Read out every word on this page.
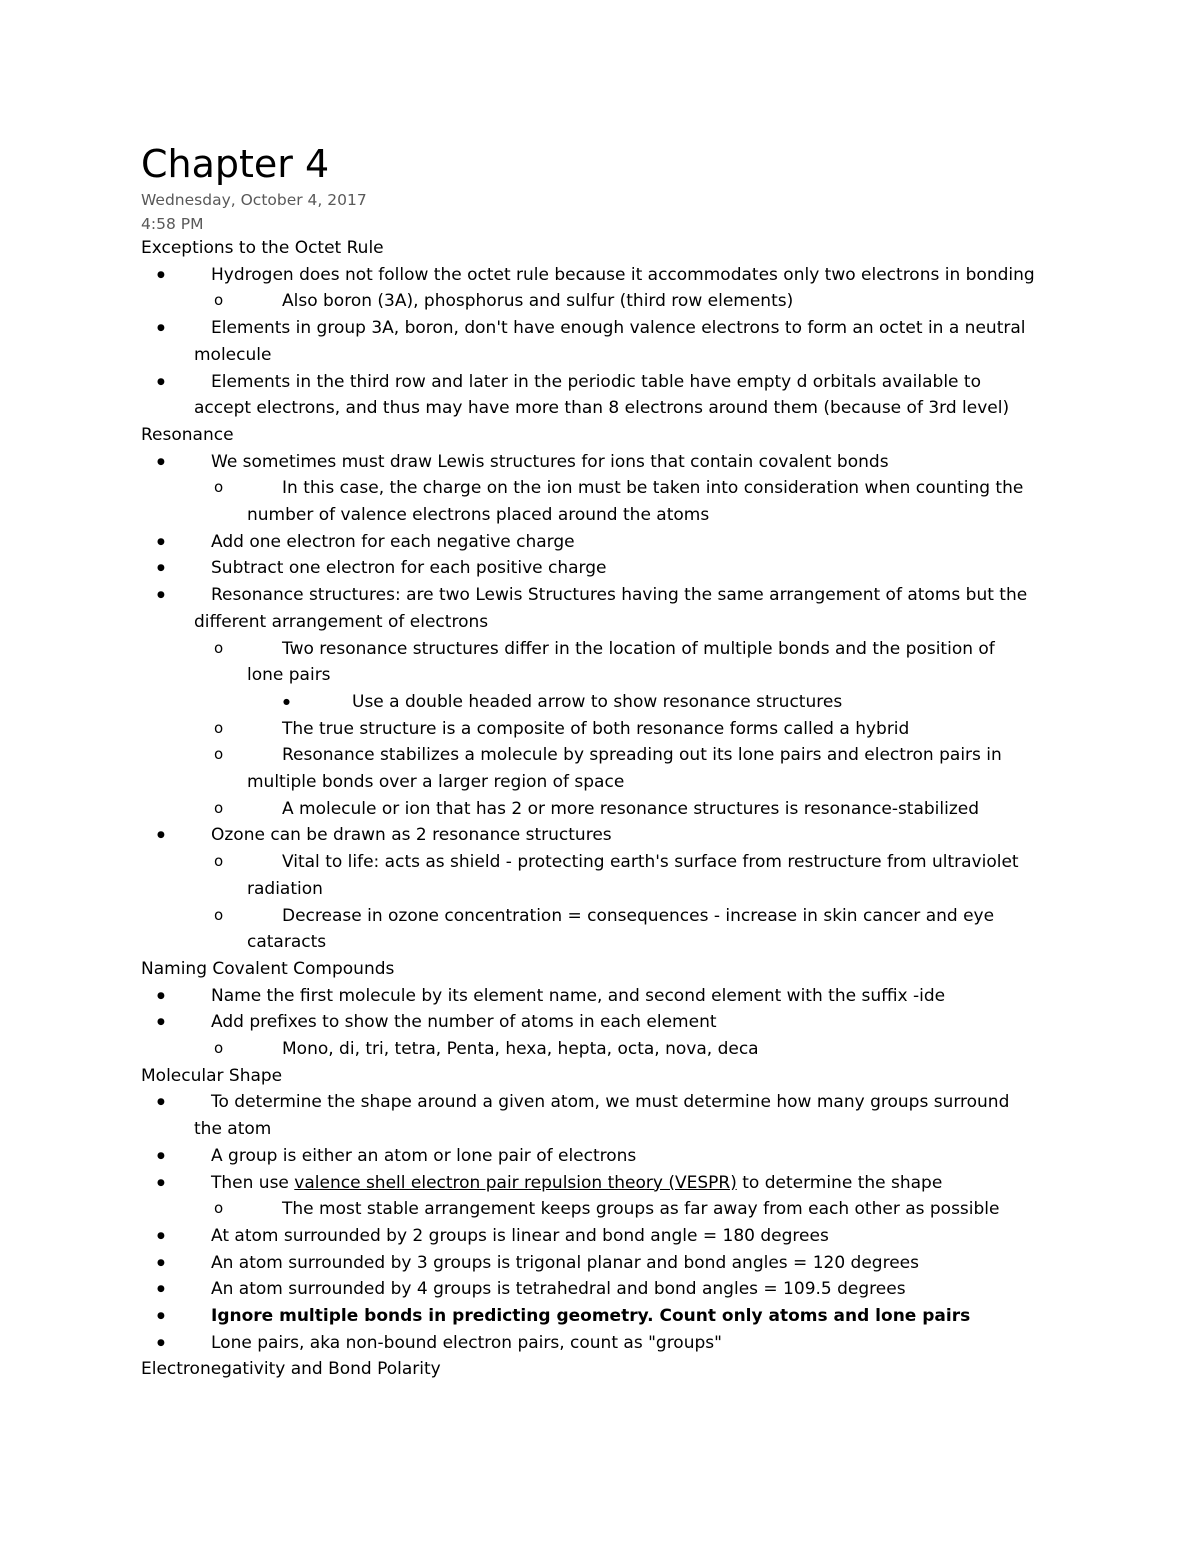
Chapter 4
Wednesday, October 4, 2017
4:58 PM
Exceptions to the Octet Rule
●	Hydrogen does not follow the octet rule because it accommodates only two electrons in bonding
o	Also boron (3A), phosphorus and sulfur (third row elements)
●	Elements in group 3A, boron, don't have enough valence electrons to form an octet in a neutral
molecule
●	Elements in the third row and later in the periodic table have empty d orbitals available to
accept electrons, and thus may have more than 8 electrons around them (because of 3rd level)
Resonance
●	We sometimes must draw Lewis structures for ions that contain covalent bonds
o	In this case, the charge on the ion must be taken into consideration when counting the
number of valence electrons placed around the atoms
●	Add one electron for each negative charge
●	Subtract one electron for each positive charge
●	Resonance structures: are two Lewis Structures having the same arrangement of atoms but the
different arrangement of electrons
o	Two resonance structures differ in the location of multiple bonds and the position of
lone pairs
●	Use a double headed arrow to show resonance structures
o	The true structure is a composite of both resonance forms called a hybrid
o	Resonance stabilizes a molecule by spreading out its lone pairs and electron pairs in
multiple bonds over a larger region of space
o	A molecule or ion that has 2 or more resonance structures is resonance-stabilized
●	Ozone can be drawn as 2 resonance structures
o	Vital to life: acts as shield - protecting earth's surface from restructure from ultraviolet
radiation
o	Decrease in ozone concentration = consequences - increase in skin cancer and eye
cataracts
Naming Covalent Compounds
●	Name the first molecule by its element name, and second element with the suffix -ide
●	Add prefixes to show the number of atoms in each element
o	Mono, di, tri, tetra, Penta, hexa, hepta, octa, nova, deca
Molecular Shape
●	To determine the shape around a given atom, we must determine how many groups surround
the atom
●	A group is either an atom or lone pair of electrons
●	Then use valence shell electron pair repulsion theory (VESPR) to determine the shape
o	The most stable arrangement keeps groups as far away from each other as possible
●	At atom surrounded by 2 groups is linear and bond angle = 180 degrees
●	An atom surrounded by 3 groups is trigonal planar and bond angles = 120 degrees
●	An atom surrounded by 4 groups is tetrahedral and bond angles = 109.5 degrees
●	Ignore multiple bonds in predicting geometry. Count only atoms and lone pairs
●	Lone pairs, aka non-bound electron pairs, count as "groups"
Electronegativity and Bond Polarity
